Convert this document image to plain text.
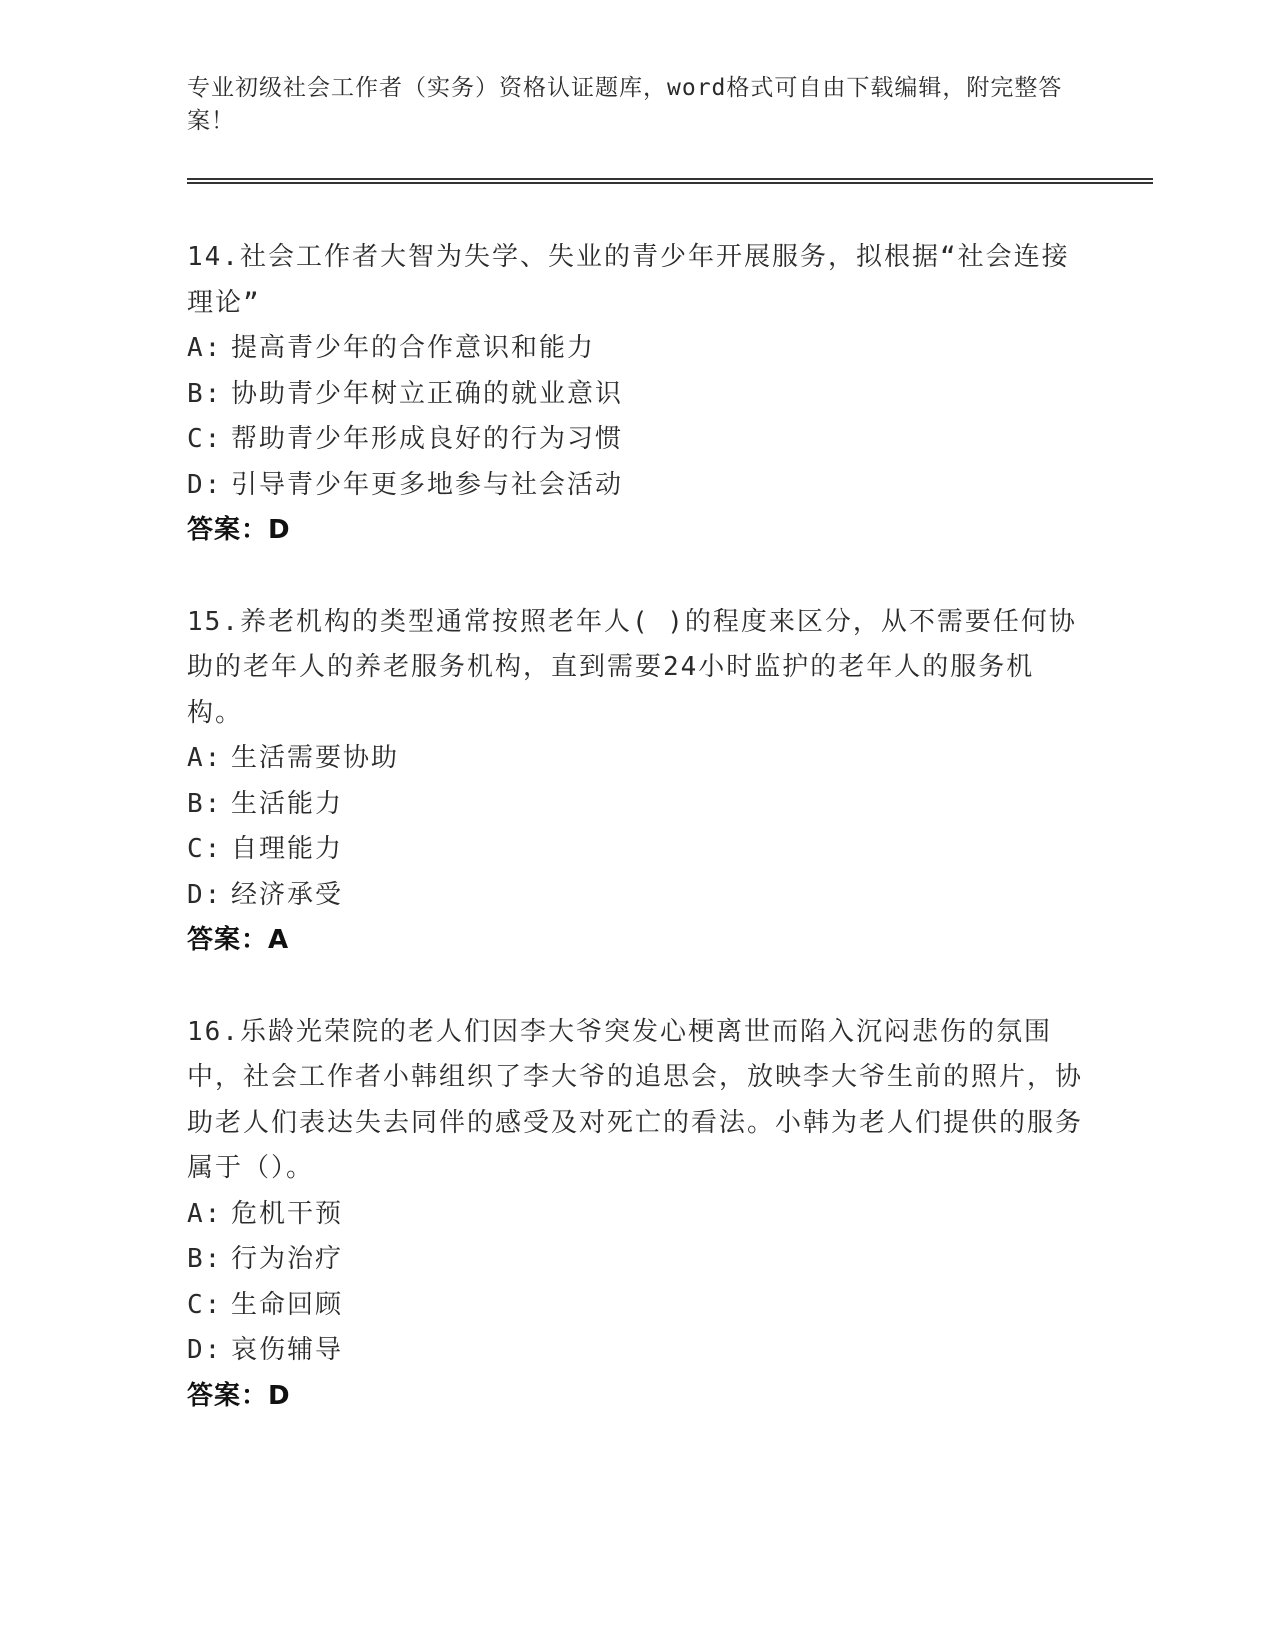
专业初级社会工作者（实务）资格认证题库，word格式可自由下载编辑，附完整答案！

14.社会工作者大智为失学、失业的青少年开展服务，拟根据“社会连接理论”

A: 提高青少年的合作意识和能力

B: 协助青少年树立正确的就业意识

C: 帮助青少年形成良好的行为习惯

D: 引导青少年更多地参与社会活动

答案：D

15.养老机构的类型通常按照老年人( )的程度来区分，从不需要任何协助的老年人的养老服务机构，直到需要24小时监护的老年人的服务机构。

A: 生活需要协助

B: 生活能力

C: 自理能力

D: 经济承受

答案：A

16.乐龄光荣院的老人们因李大爷突发心梗离世而陷入沉闷悲伤的氛围中，社会工作者小韩组织了李大爷的追思会，放映李大爷生前的照片，协助老人们表达失去同伴的感受及对死亡的看法。小韩为老人们提供的服务属于（）。

A: 危机干预

B: 行为治疗

C: 生命回顾

D: 哀伤辅导

答案：D
